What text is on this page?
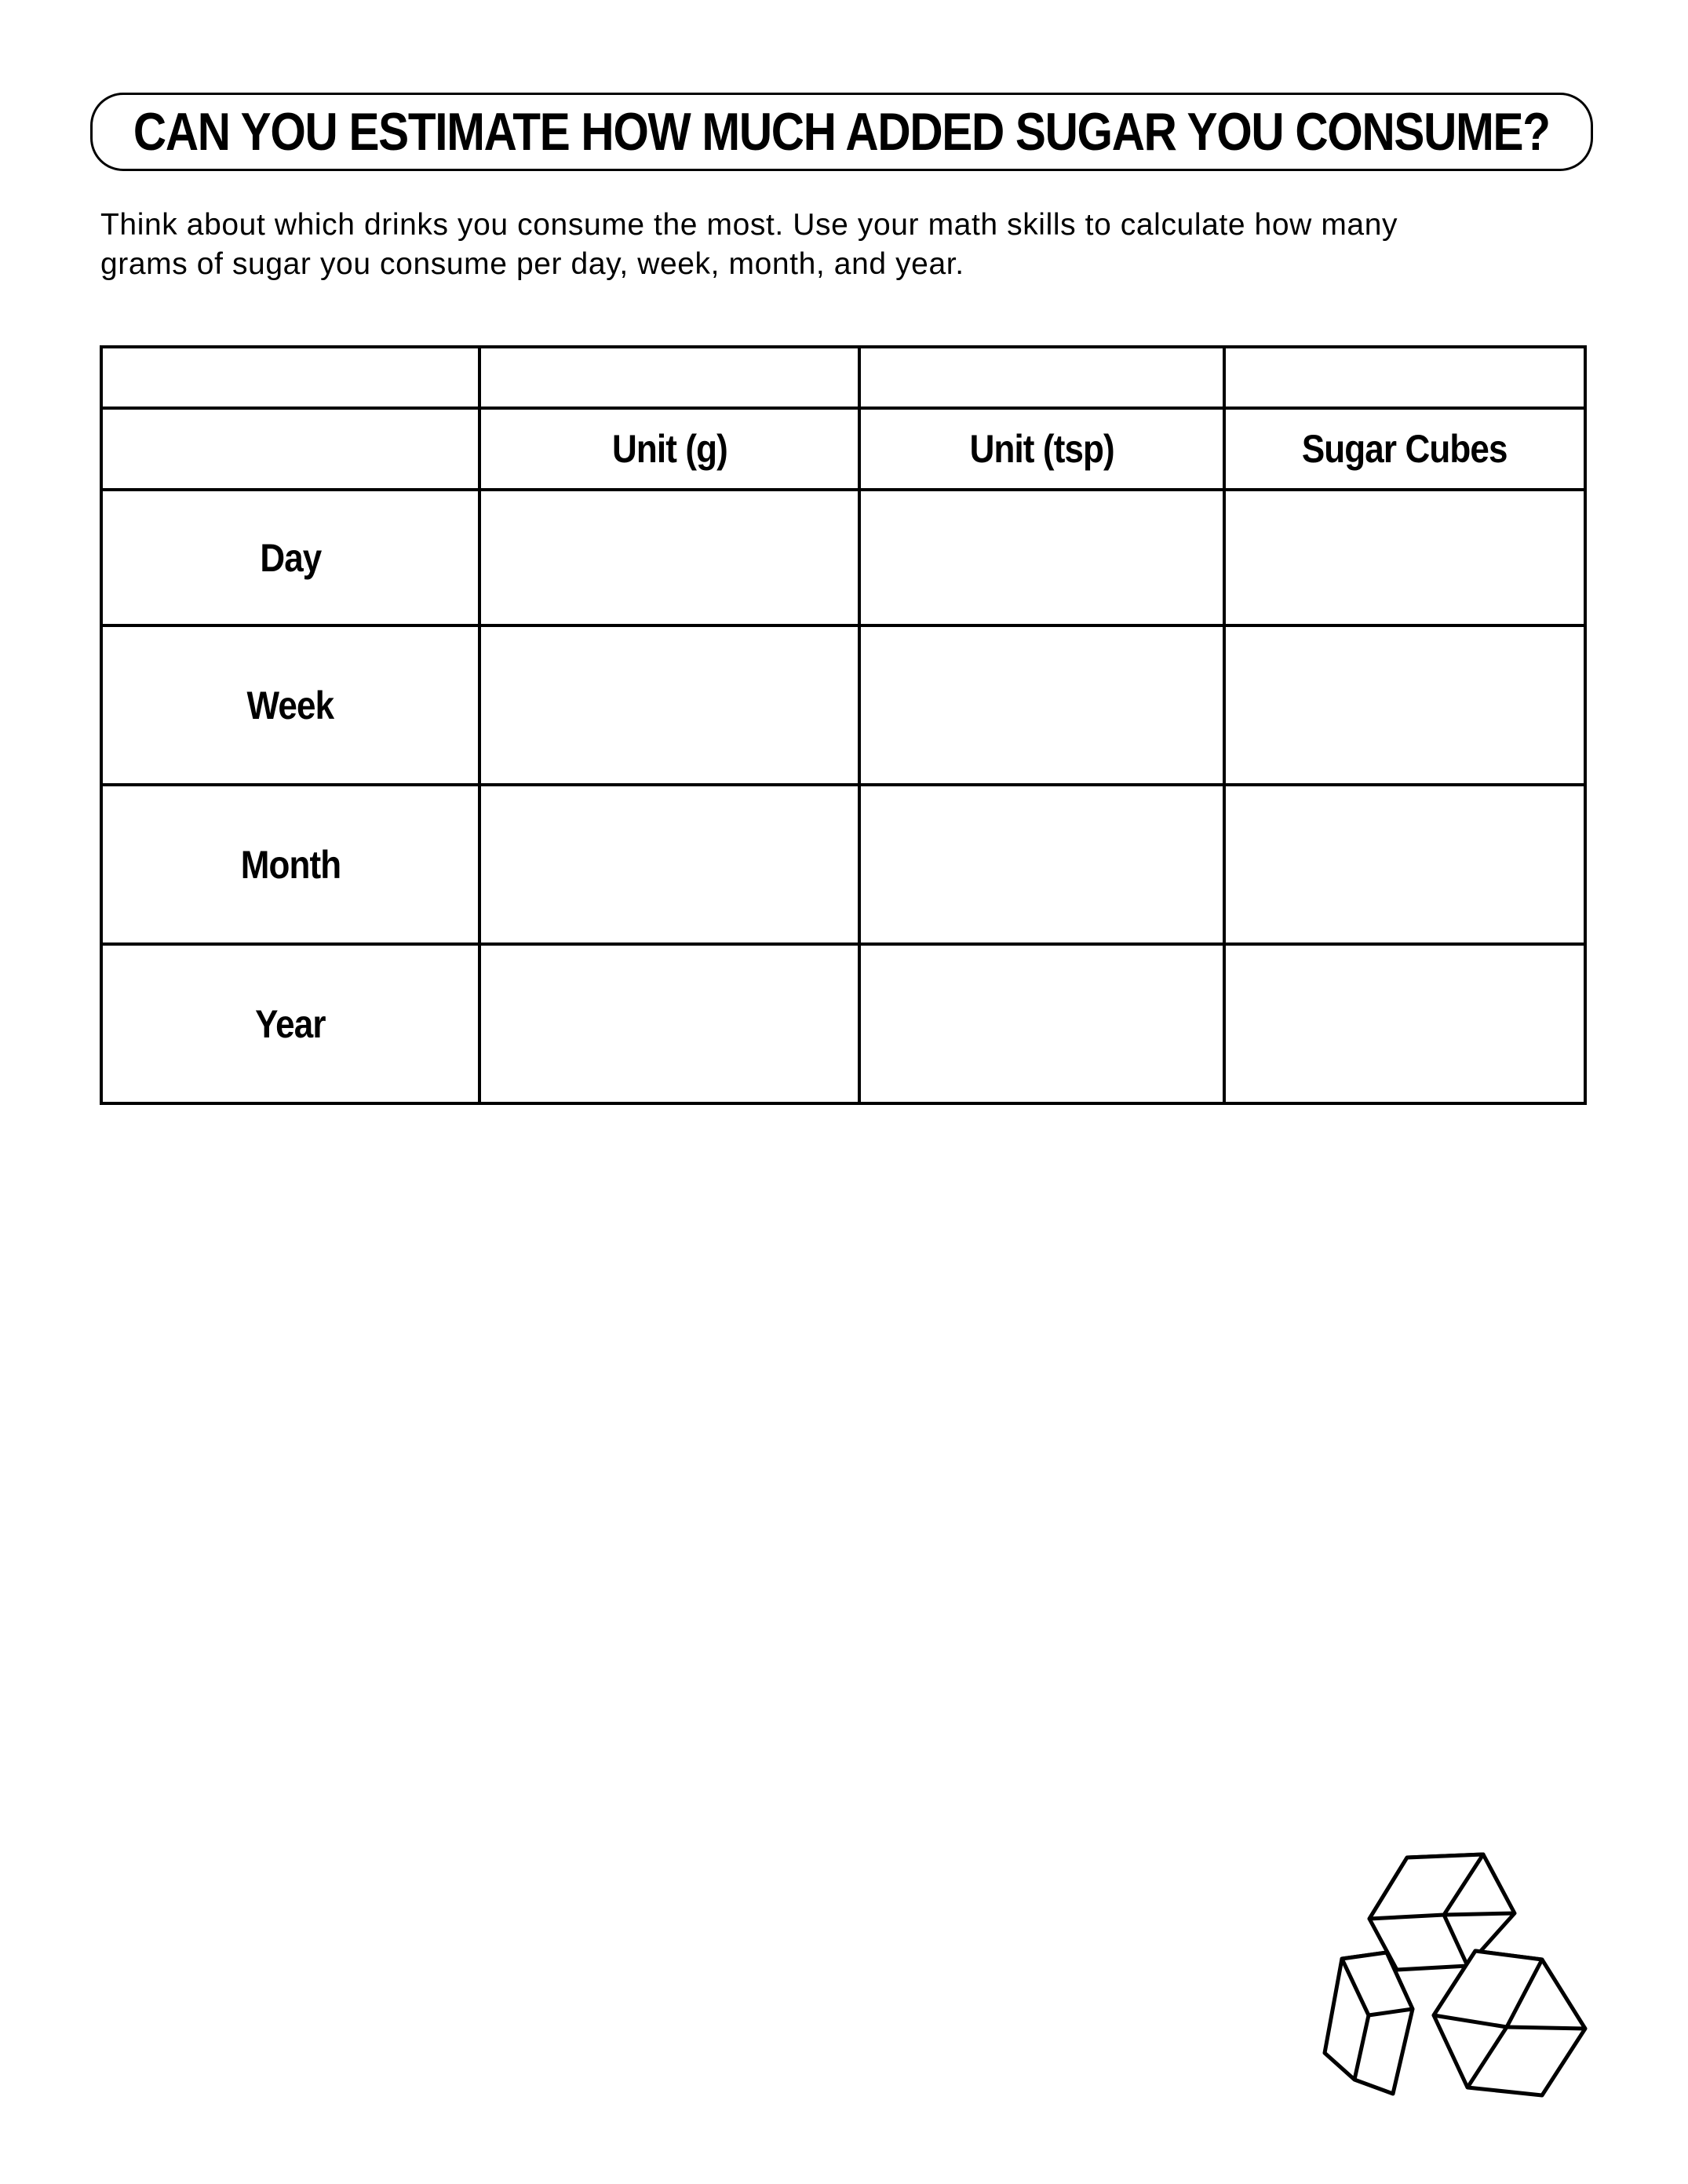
CAN YOU ESTIMATE HOW MUCH ADDED SUGAR YOU CONSUME?

Think about which drinks you consume the most. Use your math skills to calculate how many

grams of sugar you consume per day, week, month, and year.

	Unit (g)	Unit (tsp)	Sugar Cubes
Day			
Week			
Month			
Year			
